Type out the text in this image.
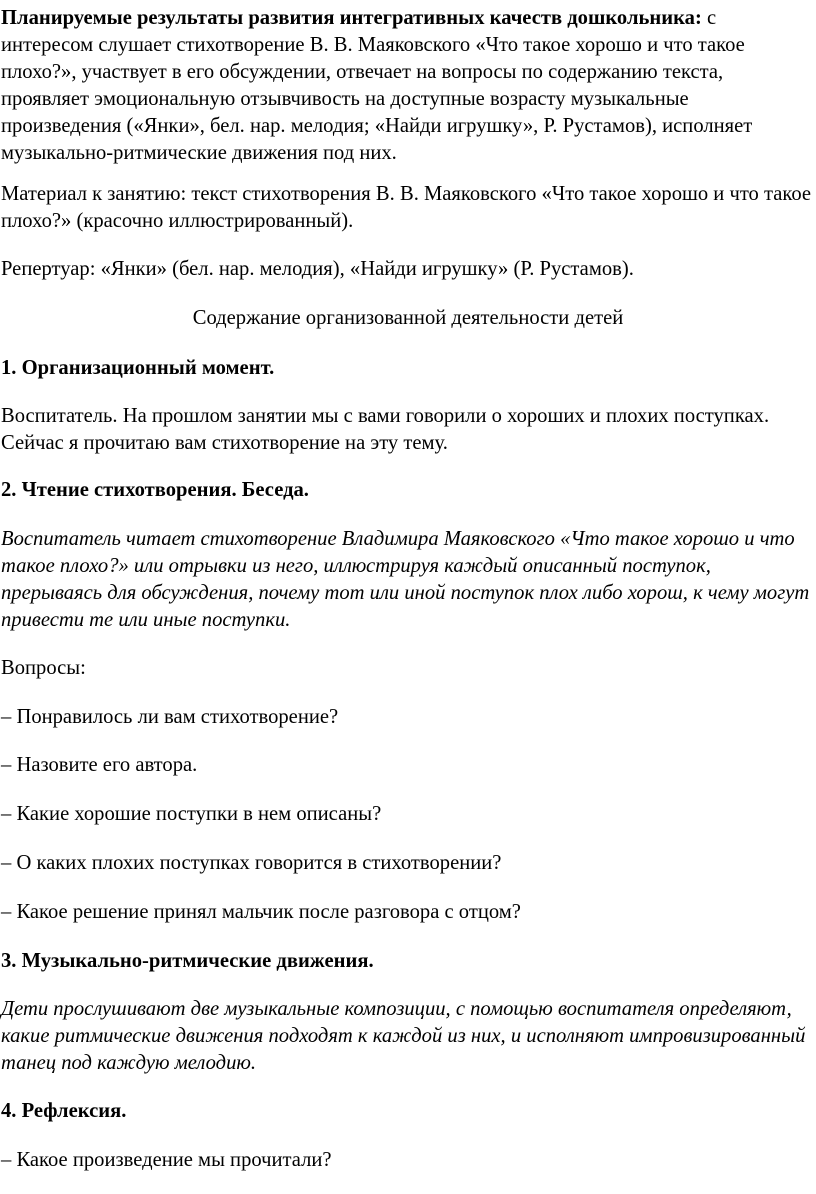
Планируемые результаты развития интегративных качеств дошкольника: с интересом слушает стихотворение В. В. Маяковского «Что такое хорошо и что такое плохо?», участвует в его обсуждении, отвечает на вопросы по содержанию текста, проявляет эмоциональную отзывчивость на доступные возрасту музыкальные произведения («Янки», бел. нар. мелодия; «Найди игрушку», Р. Рустамов), исполняет музыкально-ритмические движения под них.

Материал к занятию: текст стихотворения В. В. Маяковского «Что такое хорошо и что такое плохо?» (красочно иллюстрированный).

Репертуар: «Янки» (бел. нар. мелодия), «Найди игрушку» (Р. Рустамов).

Содержание организованной деятельности детей

1. Организационный момент.

Воспитатель. На прошлом занятии мы с вами говорили о хороших и плохих поступках. Сейчас я прочитаю вам стихотворение на эту тему.

2. Чтение стихотворения. Беседа.

Воспитатель читает стихотворение Владимира Маяковского «Что такое хорошо и что такое плохо?» или отрывки из него, иллюстрируя каждый описанный поступок, прерываясь для обсуждения, почему тот или иной поступок плох либо хорош, к чему могут привести те или иные поступки.

Вопросы:

– Понравилось ли вам стихотворение?

– Назовите его автора.

– Какие хорошие поступки в нем описаны?

– О каких плохих поступках говорится в стихотворении?

– Какое решение принял мальчик после разговора с отцом?

3. Музыкально-ритмические движения.

Дети прослушивают две музыкальные композиции, с помощью воспитателя определяют, какие ритмические движения подходят к каждой из них, и исполняют импровизированный танец под каждую мелодию.

4. Рефлексия.

– Какое произведение мы прочитали?
